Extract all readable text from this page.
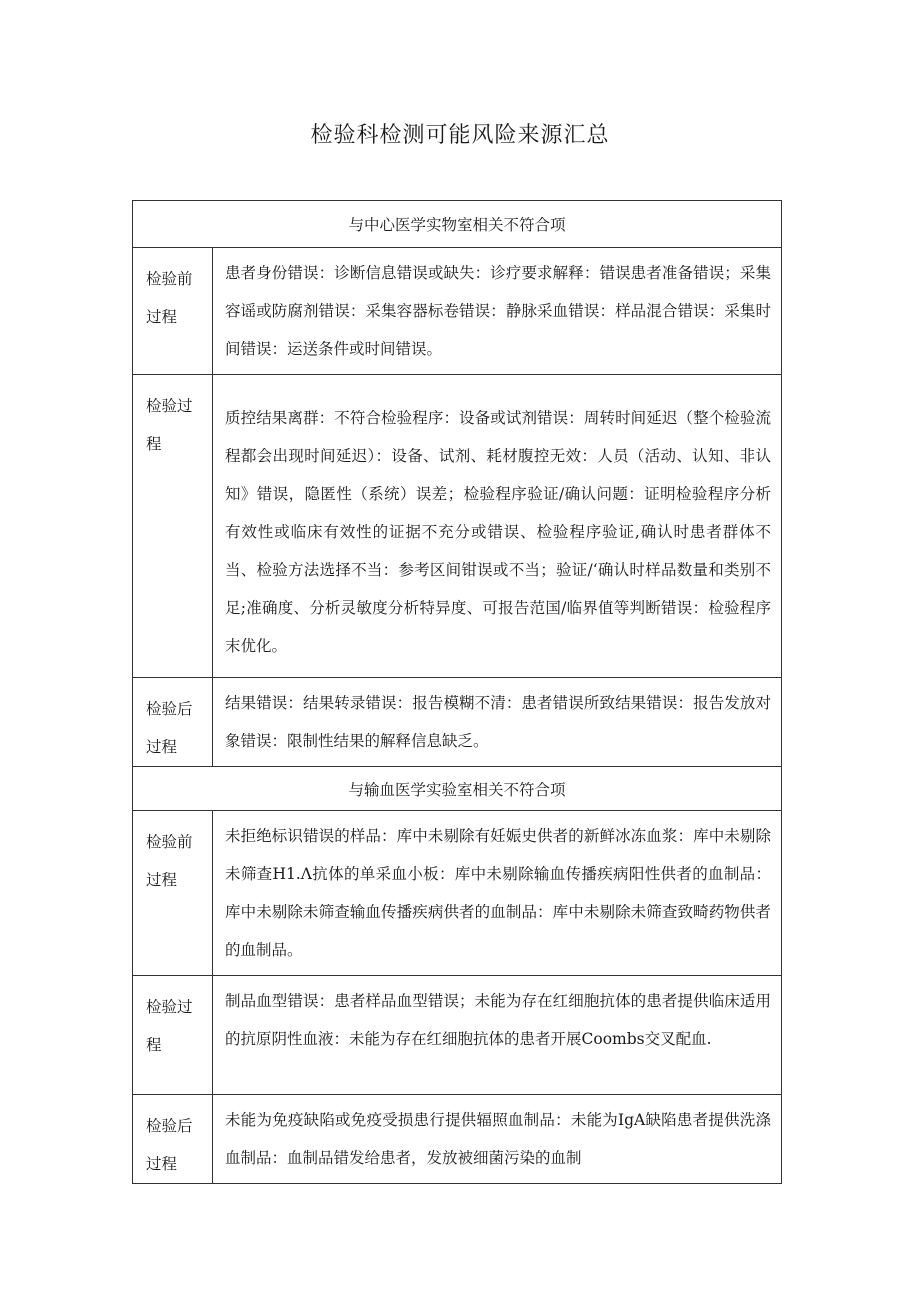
检验科检测可能风险来源汇总
与中心医学实物室相关不符合项	

检验前过程	患者身份错误：诊断信息错误或缺失：诊疗要求解释：错误患者准备错误；采集容谣或防腐剂错误：采集容器标卷错误：静脉采血错误：样品混合错误：采集时间错误：运送条件或时间错误。

检验过程	质控结果离群：不符合检验程序：设备或试剂错误：周转时间延迟（整个检验流程都会出现时间延迟）：设备、试剂、耗材腹控无效：人员（活动、认知、非认知》错误，隐匿性（系统）误差；检验程序验证/确认问题：证明检验程序分析有效性或临床有效性的证据不充分或错误、检验程序验证,确认时患者群体不当、检验方法选择不当：参考区间钳误或不当；验证/‘确认时样品数量和类别不足;准确度、分析灵敏度分析特异度、可报告范国/临界值等判断错误：检验程序末优化。

检验后过程	结果错误：结果转录错误：报告模糊不清：患者错误所致结果错误：报告发放对象错误：限制性结果的解释信息缺乏。
与输血医学实验室相关不符合项	

检验前过程	未拒绝标识错误的样品：库中未剔除有妊娠史供者的新鲜冰冻血浆：库中未剔除未筛查H1.Λ抗体的单采血小板：库中未剔除输血传播疾病阳性供者的血制品：库中未剔除未筛查输血传播疾病供者的血制品：库中未剔除未筛查致畸药物供者的血制品。

检验过程	制品血型错误：患者样品血型错误；未能为存在红细胞抗体的患者提供临床适用的抗原阴性血液：未能为存在红细胞抗体的患者开展Coombs交叉配血.

检验后过程	未能为免疫缺陷或免疫受损患行提供辐照血制品：未能为IgA缺陷患者提供洗涤血制品：血制品错发给患者，发放被细菌污染的血制
